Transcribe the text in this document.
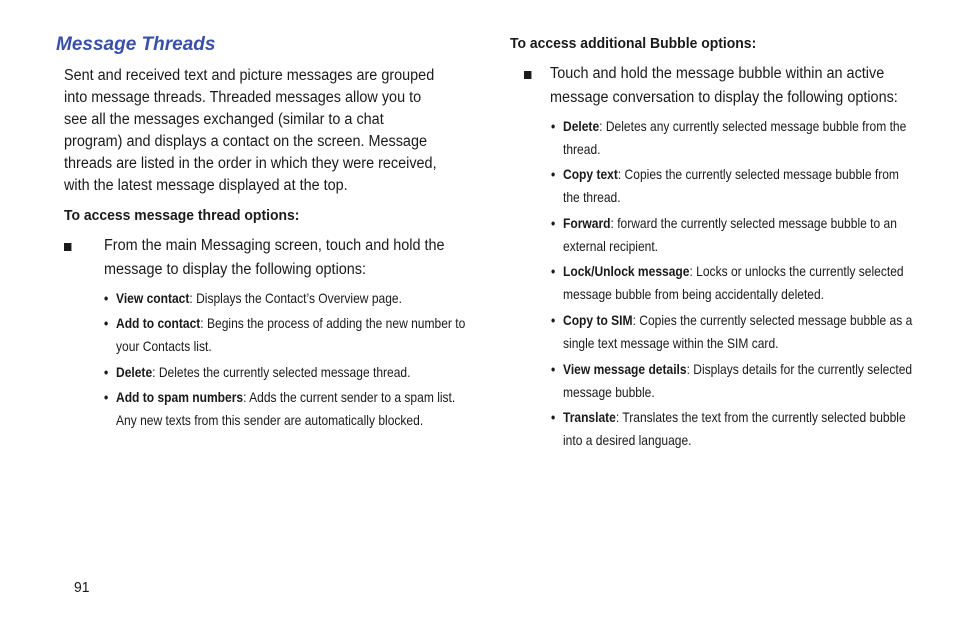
Message Threads
Sent and received text and picture messages are grouped into message threads. Threaded messages allow you to see all the messages exchanged (similar to a chat program) and displays a contact on the screen. Message threads are listed in the order in which they were received, with the latest message displayed at the top.
To access message thread options:
From the main Messaging screen, touch and hold the message to display the following options:
• View contact: Displays the Contact’s Overview page.
• Add to contact: Begins the process of adding the new number to your Contacts list.
• Delete: Deletes the currently selected message thread.
• Add to spam numbers: Adds the current sender to a spam list. Any new texts from this sender are automatically blocked.
To access additional Bubble options:
Touch and hold the message bubble within an active message conversation to display the following options:
• Delete: Deletes any currently selected message bubble from the thread.
• Copy text: Copies the currently selected message bubble from the thread.
• Forward: forward the currently selected message bubble to an external recipient.
• Lock/Unlock message: Locks or unlocks the currently selected message bubble from being accidentally deleted.
• Copy to SIM: Copies the currently selected message bubble as a single text message within the SIM card.
• View message details: Displays details for the currently selected message bubble.
• Translate: Translates the text from the currently selected bubble into a desired language.
91
